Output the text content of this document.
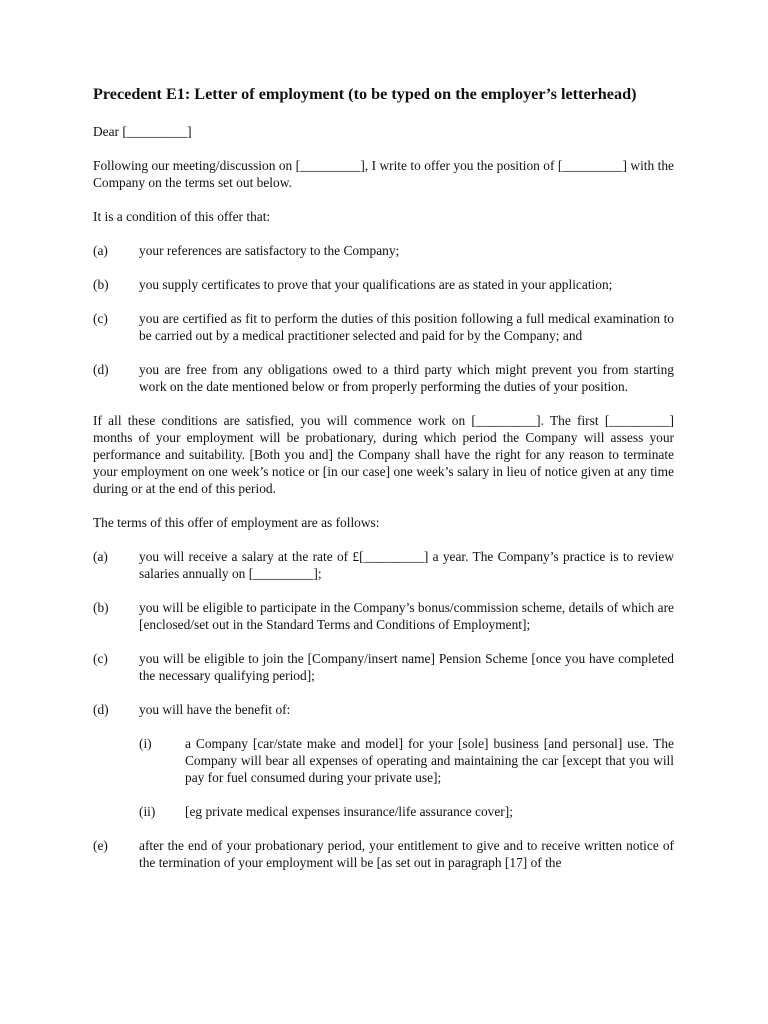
Precedent E1: Letter of employment (to be typed on the employer’s letterhead)

Dear [_________]

Following our meeting/discussion on [_________], I write to offer you the position of [_________] with the Company on the terms set out below.

It is a condition of this offer that:

(a)	your references are satisfactory to the Company;
(b)	you supply certificates to prove that your qualifications are as stated in your application;
(c)	you are certified as fit to perform the duties of this position following a full medical examination to be carried out by a medical practitioner selected and paid for by the Company; and
(d)	you are free from any obligations owed to a third party which might prevent you from starting work on the date mentioned below or from properly performing the duties of your position.

If all these conditions are satisfied, you will commence work on [_________]. The first [_________] months of your employment will be probationary, during which period the Company will assess your performance and suitability. [Both you and] the Company shall have the right for any reason to terminate your employment on one week’s notice or [in our case] one week’s salary in lieu of notice given at any time during or at the end of this period.

The terms of this offer of employment are as follows:

(a)	you will receive a salary at the rate of £[_________] a year. The Company’s practice is to review salaries annually on [_________];
(b)	you will be eligible to participate in the Company’s bonus/commission scheme, details of which are [enclosed/set out in the Standard Terms and Conditions of Employment];
(c)	you will be eligible to join the [Company/insert name] Pension Scheme [once you have completed the necessary qualifying period];
(d)	you will have the benefit of:
(i)	a Company [car/state make and model] for your [sole] business [and personal] use. The Company will bear all expenses of operating and maintaining the car [except that you will pay for fuel consumed during your private use];
(ii)	[eg private medical expenses insurance/life assurance cover];
(e)	after the end of your probationary period, your entitlement to give and to receive written notice of the termination of your employment will be [as set out in paragraph [17] of the
